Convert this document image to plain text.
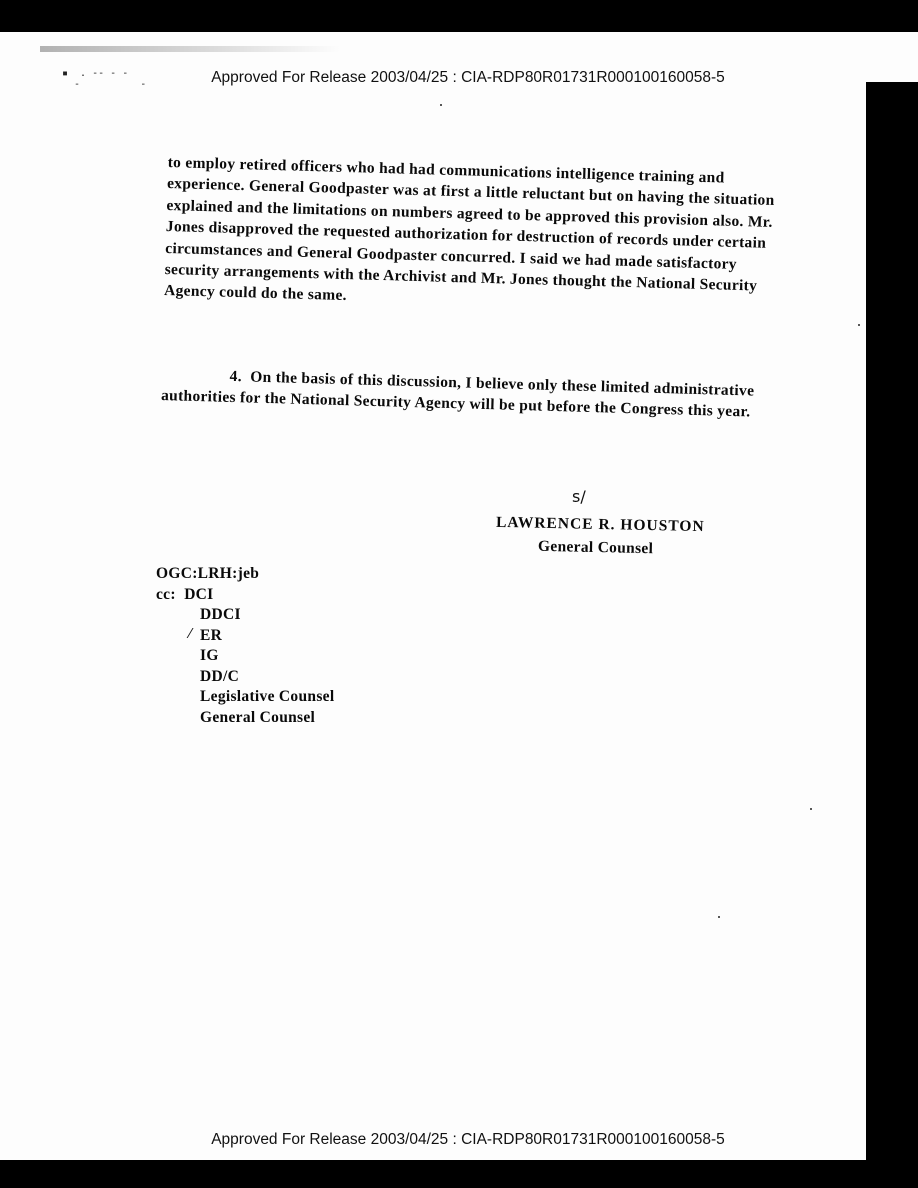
▪  . ‐‐ ‐ ‐
‐          ‐	Approved For Release 2003/04/25 : CIA-RDP80R01731R000100160058-5

to employ retired officers who had had communications intelligence training and experience. General Goodpaster was at first a little reluctant but on having the situation explained and the limitations on numbers agreed to be approved this provision also. Mr. Jones disapproved the requested authorization for destruction of records under certain circumstances and General Goodpaster concurred. I said we had made satisfactory security arrangements with the Archivist and Mr. Jones thought the National Security Agency could do the same.

4. On the basis of this discussion, I believe only these limited administrative authorities for the National Security Agency will be put before the Congress this year.

s/
LAWRENCE R. HOUSTON
General Counsel
OGC:LRH:jeb
cc: DCI
DDCI
ER
IG
DD/C
Legislative Counsel
General Counsel
⁄
Approved For Release 2003/04/25 : CIA-RDP80R01731R000100160058-5
